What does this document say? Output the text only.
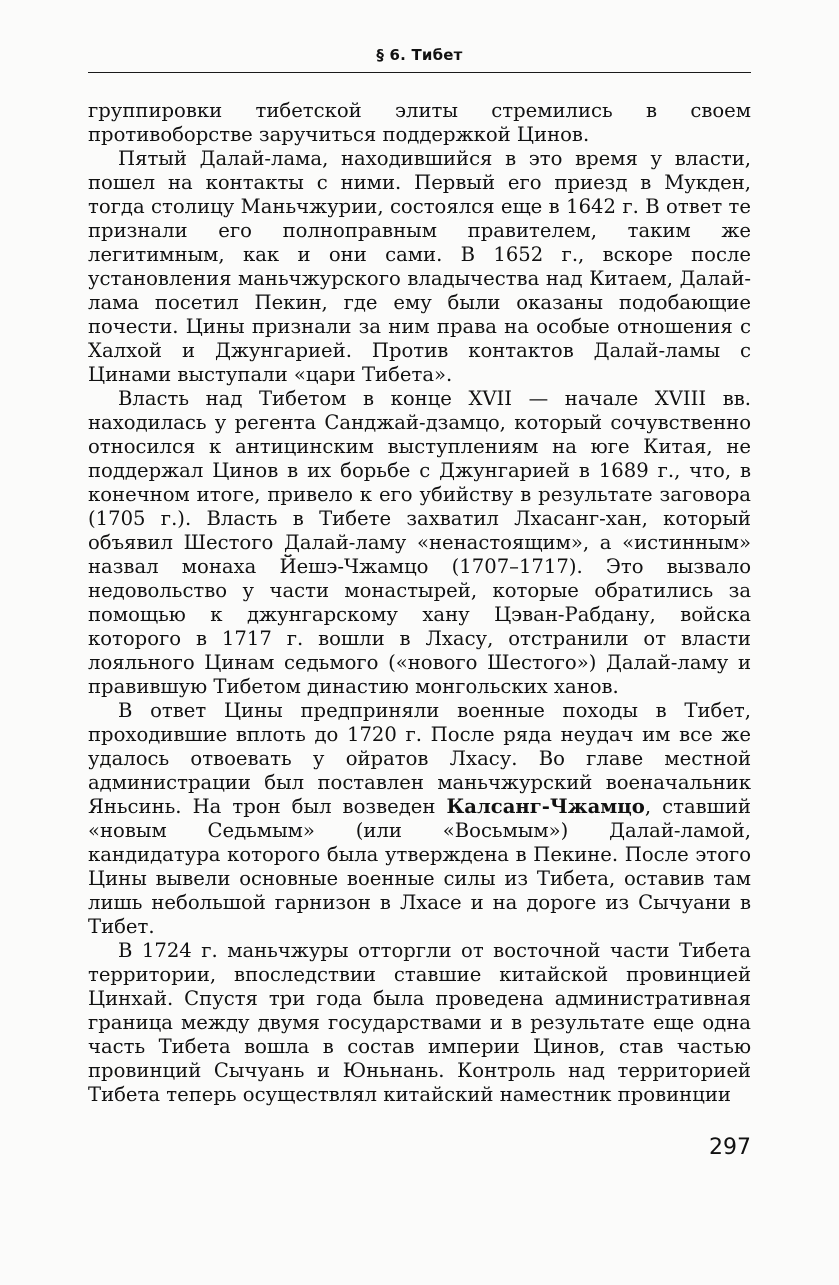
§ 6. Тибет

группировки тибетской элиты стремились в своем противоборстве заручиться поддержкой Цинов.

Пятый Далай-лама, находившийся в это время у власти, пошел на контакты с ними. Первый его приезд в Мукден, тогда столицу Маньчжурии, состоялся еще в 1642 г. В ответ те признали его полноправным правителем, таким же легитимным, как и они сами. В 1652 г., вскоре после установления маньчжурского владычества над Китаем, Далай-лама посетил Пекин, где ему были оказаны подобающие почести. Цины признали за ним права на особые отношения с Халхой и Джунгарией. Против контактов Далай-ламы с Цинами выступали «цари Тибета».

Власть над Тибетом в конце XVII — начале XVIII вв. находилась у регента Санджай-дзамцо, который сочувственно относился к антицинским выступлениям на юге Китая, не поддержал Цинов в их борьбе с Джунгарией в 1689 г., что, в конечном итоге, привело к его убийству в результате заговора (1705 г.). Власть в Тибете захватил Лхасанг-хан, который объявил Шестого Далай-ламу «ненастоящим», а «истинным» назвал монаха Йешэ-Чжамцо (1707–1717). Это вызвало недовольство у части монастырей, которые обратились за помощью к джунгарскому хану Цэван-Рабдану, войска которого в 1717 г. вошли в Лхасу, отстранили от власти лояльного Цинам седьмого («нового Шестого») Далай-ламу и правившую Тибетом династию монгольских ханов.

В ответ Цины предприняли военные походы в Тибет, проходившие вплоть до 1720 г. После ряда неудач им все же удалось отвоевать у ойратов Лхасу. Во главе местной администрации был поставлен маньчжурский военачальник Яньсинь. На трон был возведен Калсанг-Чжамцо, ставший «новым Седьмым» (или «Восьмым») Далай-ламой, кандидатура которого была утверждена в Пекине. После этого Цины вывели основные военные силы из Тибета, оставив там лишь небольшой гарнизон в Лхасе и на дороге из Сычуани в Тибет.

В 1724 г. маньчжуры отторгли от восточной части Тибета территории, впоследствии ставшие китайской провинцией Цинхай. Спустя три года была проведена административная граница между двумя государствами и в результате еще одна часть Тибета вошла в состав империи Цинов, став частью провинций Сычуань и Юньнань. Контроль над территорией Тибета теперь осуществлял китайский наместник провинции

297
